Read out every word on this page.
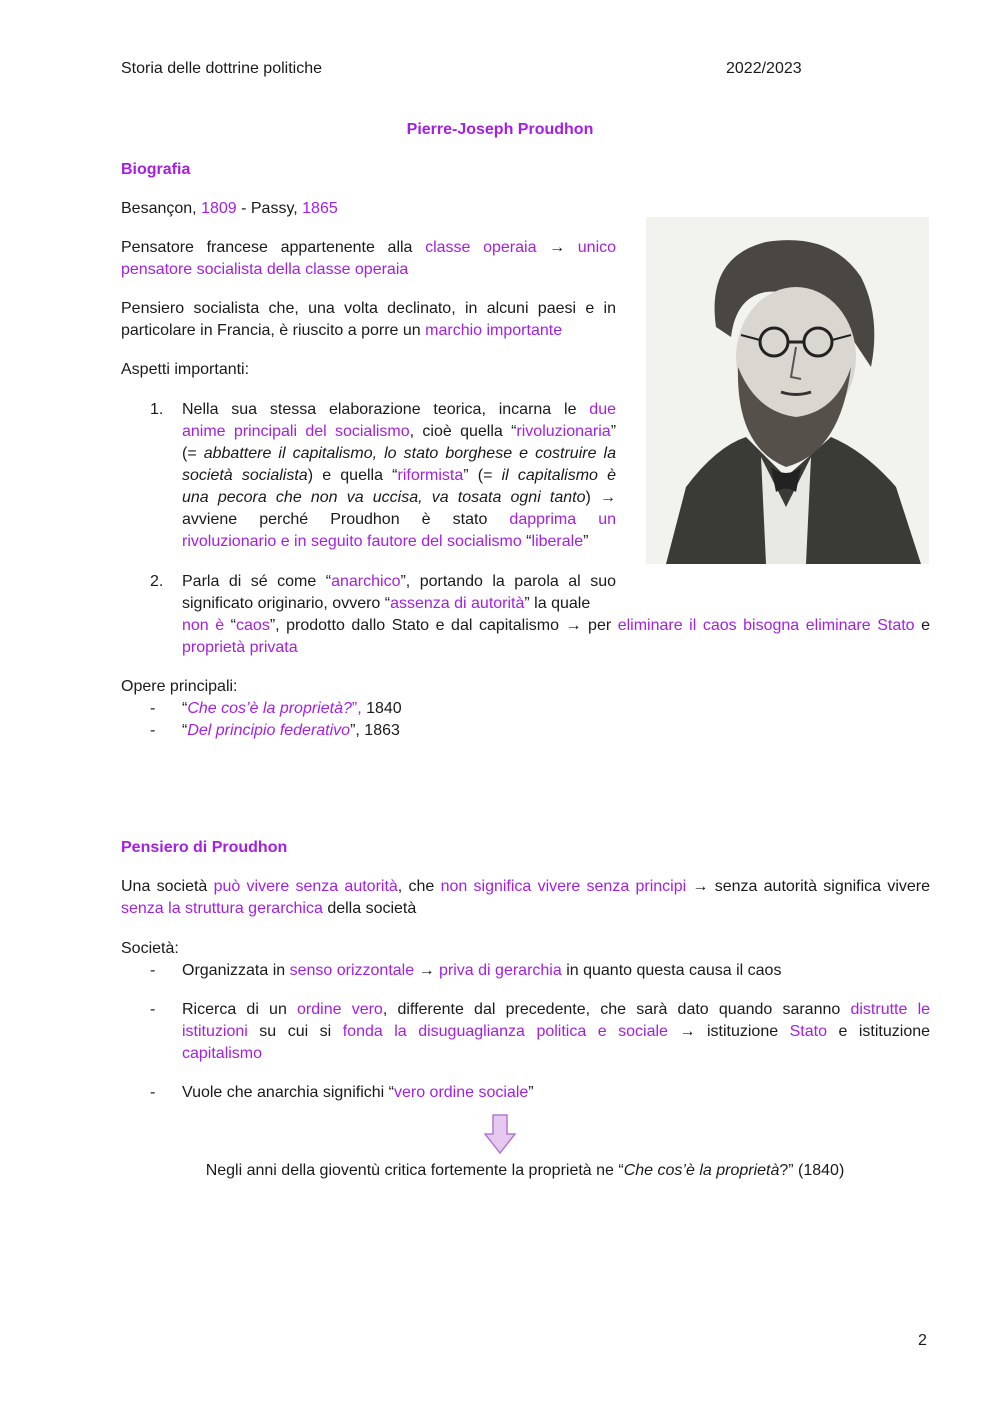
Storia delle dottrine politiche	2022/2023
Pierre-Joseph Proudhon
Biografia
Besançon, 1809 - Passy, 1865
Pensatore francese appartenente alla classe operaia → unico
pensatore socialista della classe operaia
Pensiero socialista che, una volta declinato, in alcuni paesi e in
particolare in Francia, è riuscito a porre un marchio importante
Aspetti importanti:
1. Nella sua stessa elaborazione teorica, incarna le due
anime principali del socialismo, cioè quella “rivoluzionaria”
(= abbattere il capitalismo, lo stato borghese e costruire la
società socialista) e quella “riformista” (= il capitalismo è
una pecora che non va uccisa, va tosata ogni tanto) →
avviene perché Proudhon è stato dapprima un
rivoluzionario e in seguito fautore del socialismo “liberale”
2. Parla di sé come “anarchico”, portando la parola al suo
significato originario, ovvero “assenza di autorità” la quale
non è “caos”, prodotto dallo Stato e dal capitalismo → per eliminare il caos bisogna eliminare Stato e
proprietà privata
Opere principali:
- “Che cos’è la proprietà?”, 1840
- “Del principio federativo”, 1863
Pensiero di Proudhon
Una società può vivere senza autorità, che non significa vivere senza principi → senza autorità significa vivere
senza la struttura gerarchica della società
Società:
- Organizzata in senso orizzontale → priva di gerarchia in quanto questa causa il caos
- Ricerca di un ordine vero, differente dal precedente, che sarà dato quando saranno distrutte le
istituzioni su cui si fonda la disuguaglianza politica e sociale → istituzione Stato e istituzione
capitalismo
- Vuole che anarchia significhi “vero ordine sociale”
Negli anni della gioventù critica fortemente la proprietà ne “Che cos’è la proprietà?” (1840)
2
